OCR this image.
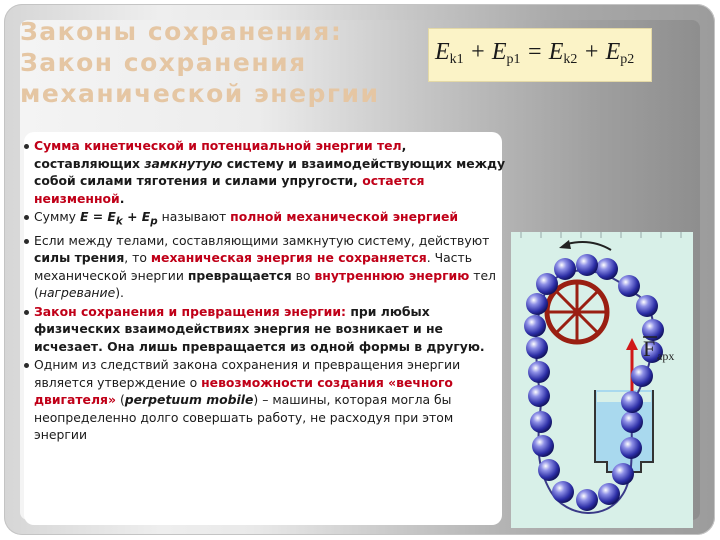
Законы сохранения:
Закон сохранения
механической энергии
$E_{k1} + E_{p1} = E_{k2} + E_{p2}$
Сумма кинетической и потенциальной энергии тел, составляющих замкнутую систему и взаимодействующих между собой силами тяготения и силами упругости, остается неизменной.
Сумму $E = E_k + E_p$ называют полной механической энергией
Если между телами, составляющими замкнутую систему, действуют силы трения, то механическая энергия не сохраняется. Часть механической энергии превращается во внутреннюю энергию тел (нагревание).
Закон сохранения и превращения энергии: при любых физических взаимодействиях энергия не возникает и не исчезает. Она лишь превращается из одной формы в другую.
Одним из следствий закона сохранения и превращения энергии является утверждение о невозможности создания «вечного двигателя» (perpetuum mobile) – машины, которая могла бы неопределенно долго совершать работу, не расходуя при этом энергии
F арх
